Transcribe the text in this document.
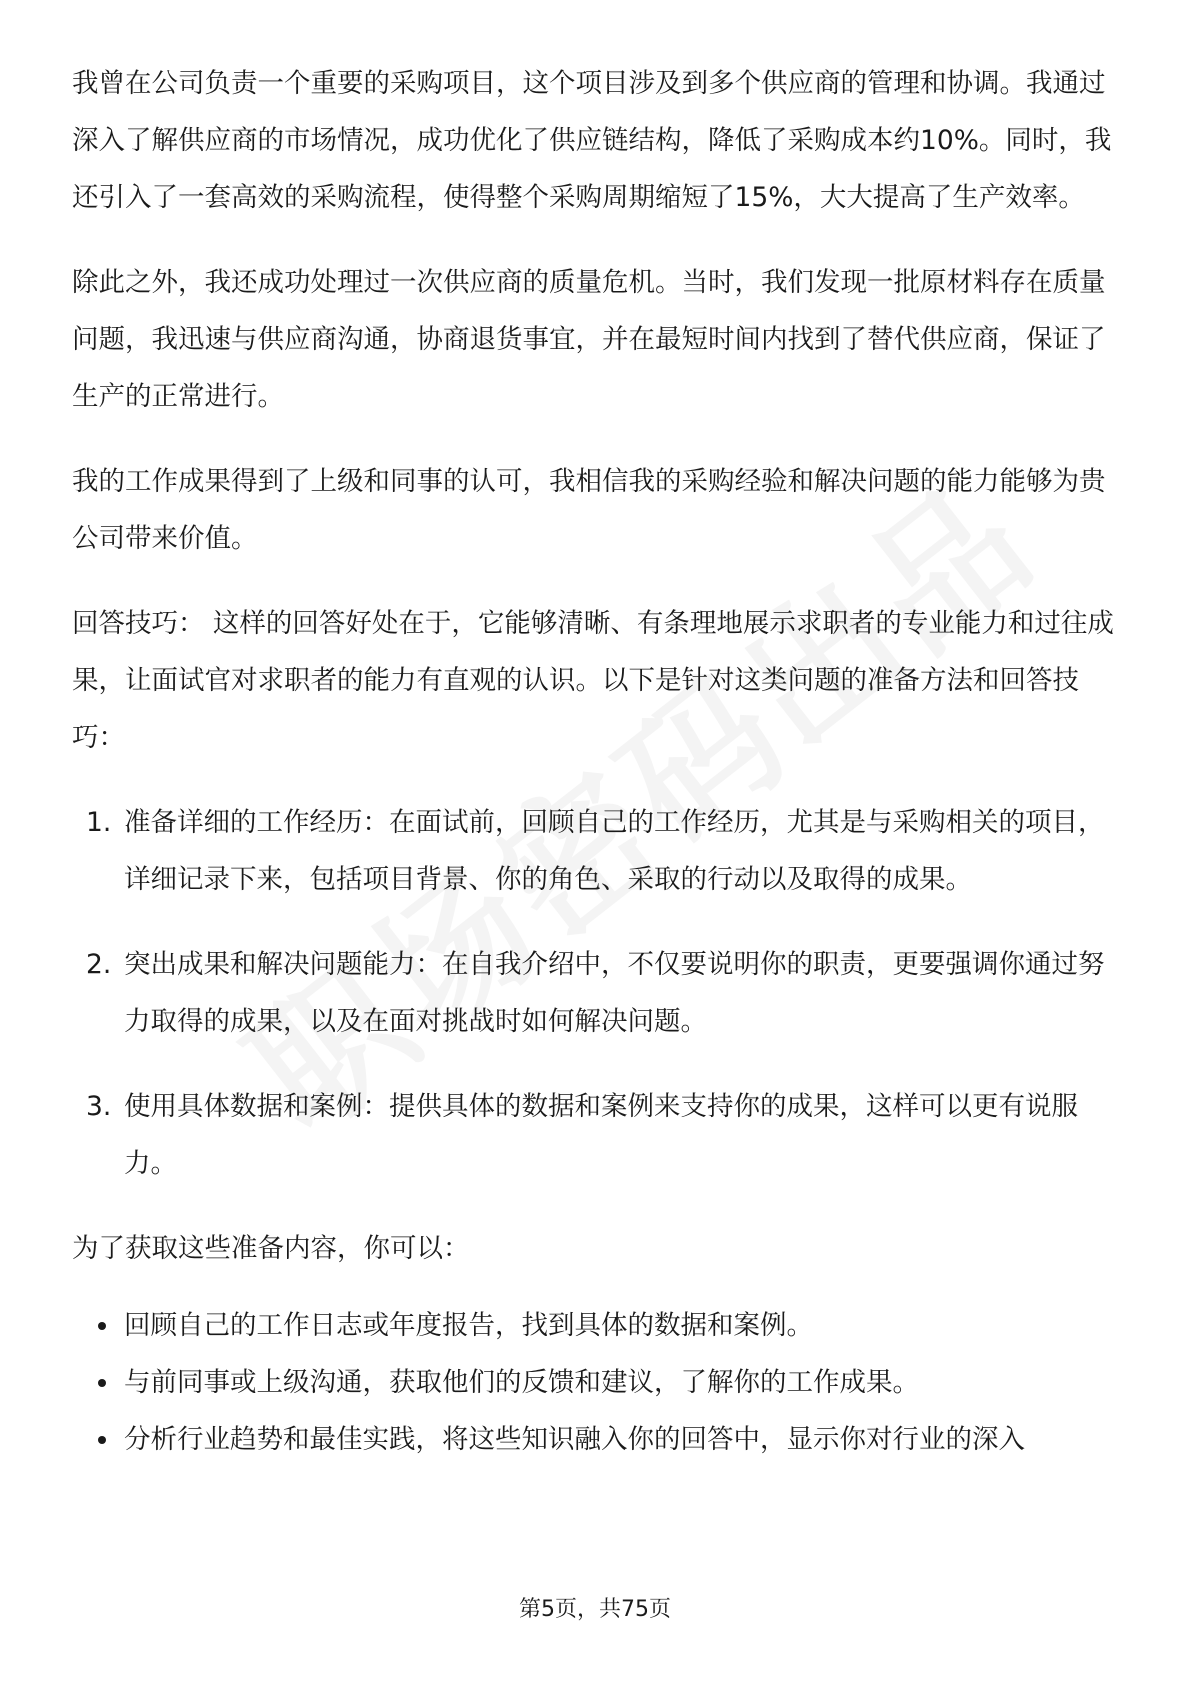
我曾在公司负责一个重要的采购项目，这个项目涉及到多个供应商的管理和协调。我通过深入了解供应商的市场情况，成功优化了供应链结构，降低了采购成本约10%。同时，我还引入了一套高效的采购流程，使得整个采购周期缩短了15%，大大提高了生产效率。

除此之外，我还成功处理过一次供应商的质量危机。当时，我们发现一批原材料存在质量问题，我迅速与供应商沟通，协商退货事宜，并在最短时间内找到了替代供应商，保证了生产的正常进行。

我的工作成果得到了上级和同事的认可，我相信我的采购经验和解决问题的能力能够为贵公司带来价值。

回答技巧： 这样的回答好处在于，它能够清晰、有条理地展示求职者的专业能力和过往成果，让面试官对求职者的能力有直观的认识。以下是针对这类问题的准备方法和回答技巧：

1. 准备详细的工作经历：在面试前，回顾自己的工作经历，尤其是与采购相关的项目，详细记录下来，包括项目背景、你的角色、采取的行动以及取得的成果。
2. 突出成果和解决问题能力：在自我介绍中，不仅要说明你的职责，更要强调你通过努力取得的成果，以及在面对挑战时如何解决问题。
3. 使用具体数据和案例：提供具体的数据和案例来支持你的成果，这样可以更有说服力。

为了获取这些准备内容，你可以：

回顾自己的工作日志或年度报告，找到具体的数据和案例。
与前同事或上级沟通，获取他们的反馈和建议，了解你的工作成果。
分析行业趋势和最佳实践，将这些知识融入你的回答中，显示你对行业的深入
第5页，共75页
